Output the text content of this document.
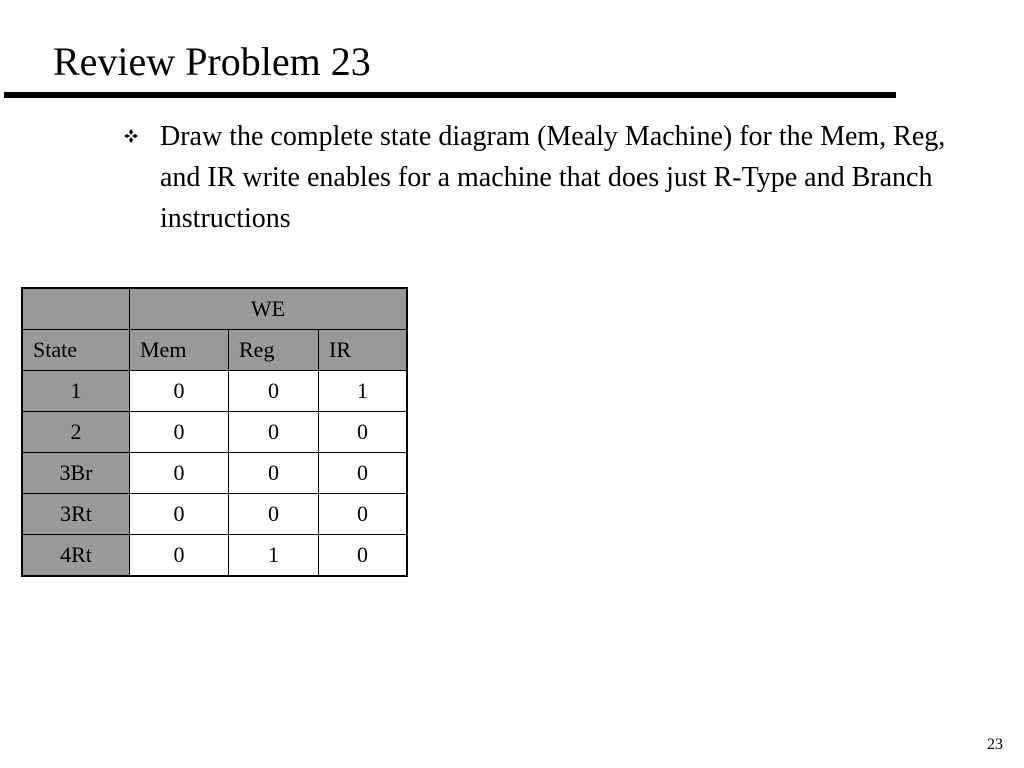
Review Problem 23
Draw the complete state diagram (Mealy Machine) for the Mem, Reg, and IR write enables for a machine that does just R-Type and Branch instructions
	WE		
State	Mem	Reg	IR
1	0	0	1
2	0	0	0
3Br	0	0	0
3Rt	0	0	0
4Rt	0	1	0
23
